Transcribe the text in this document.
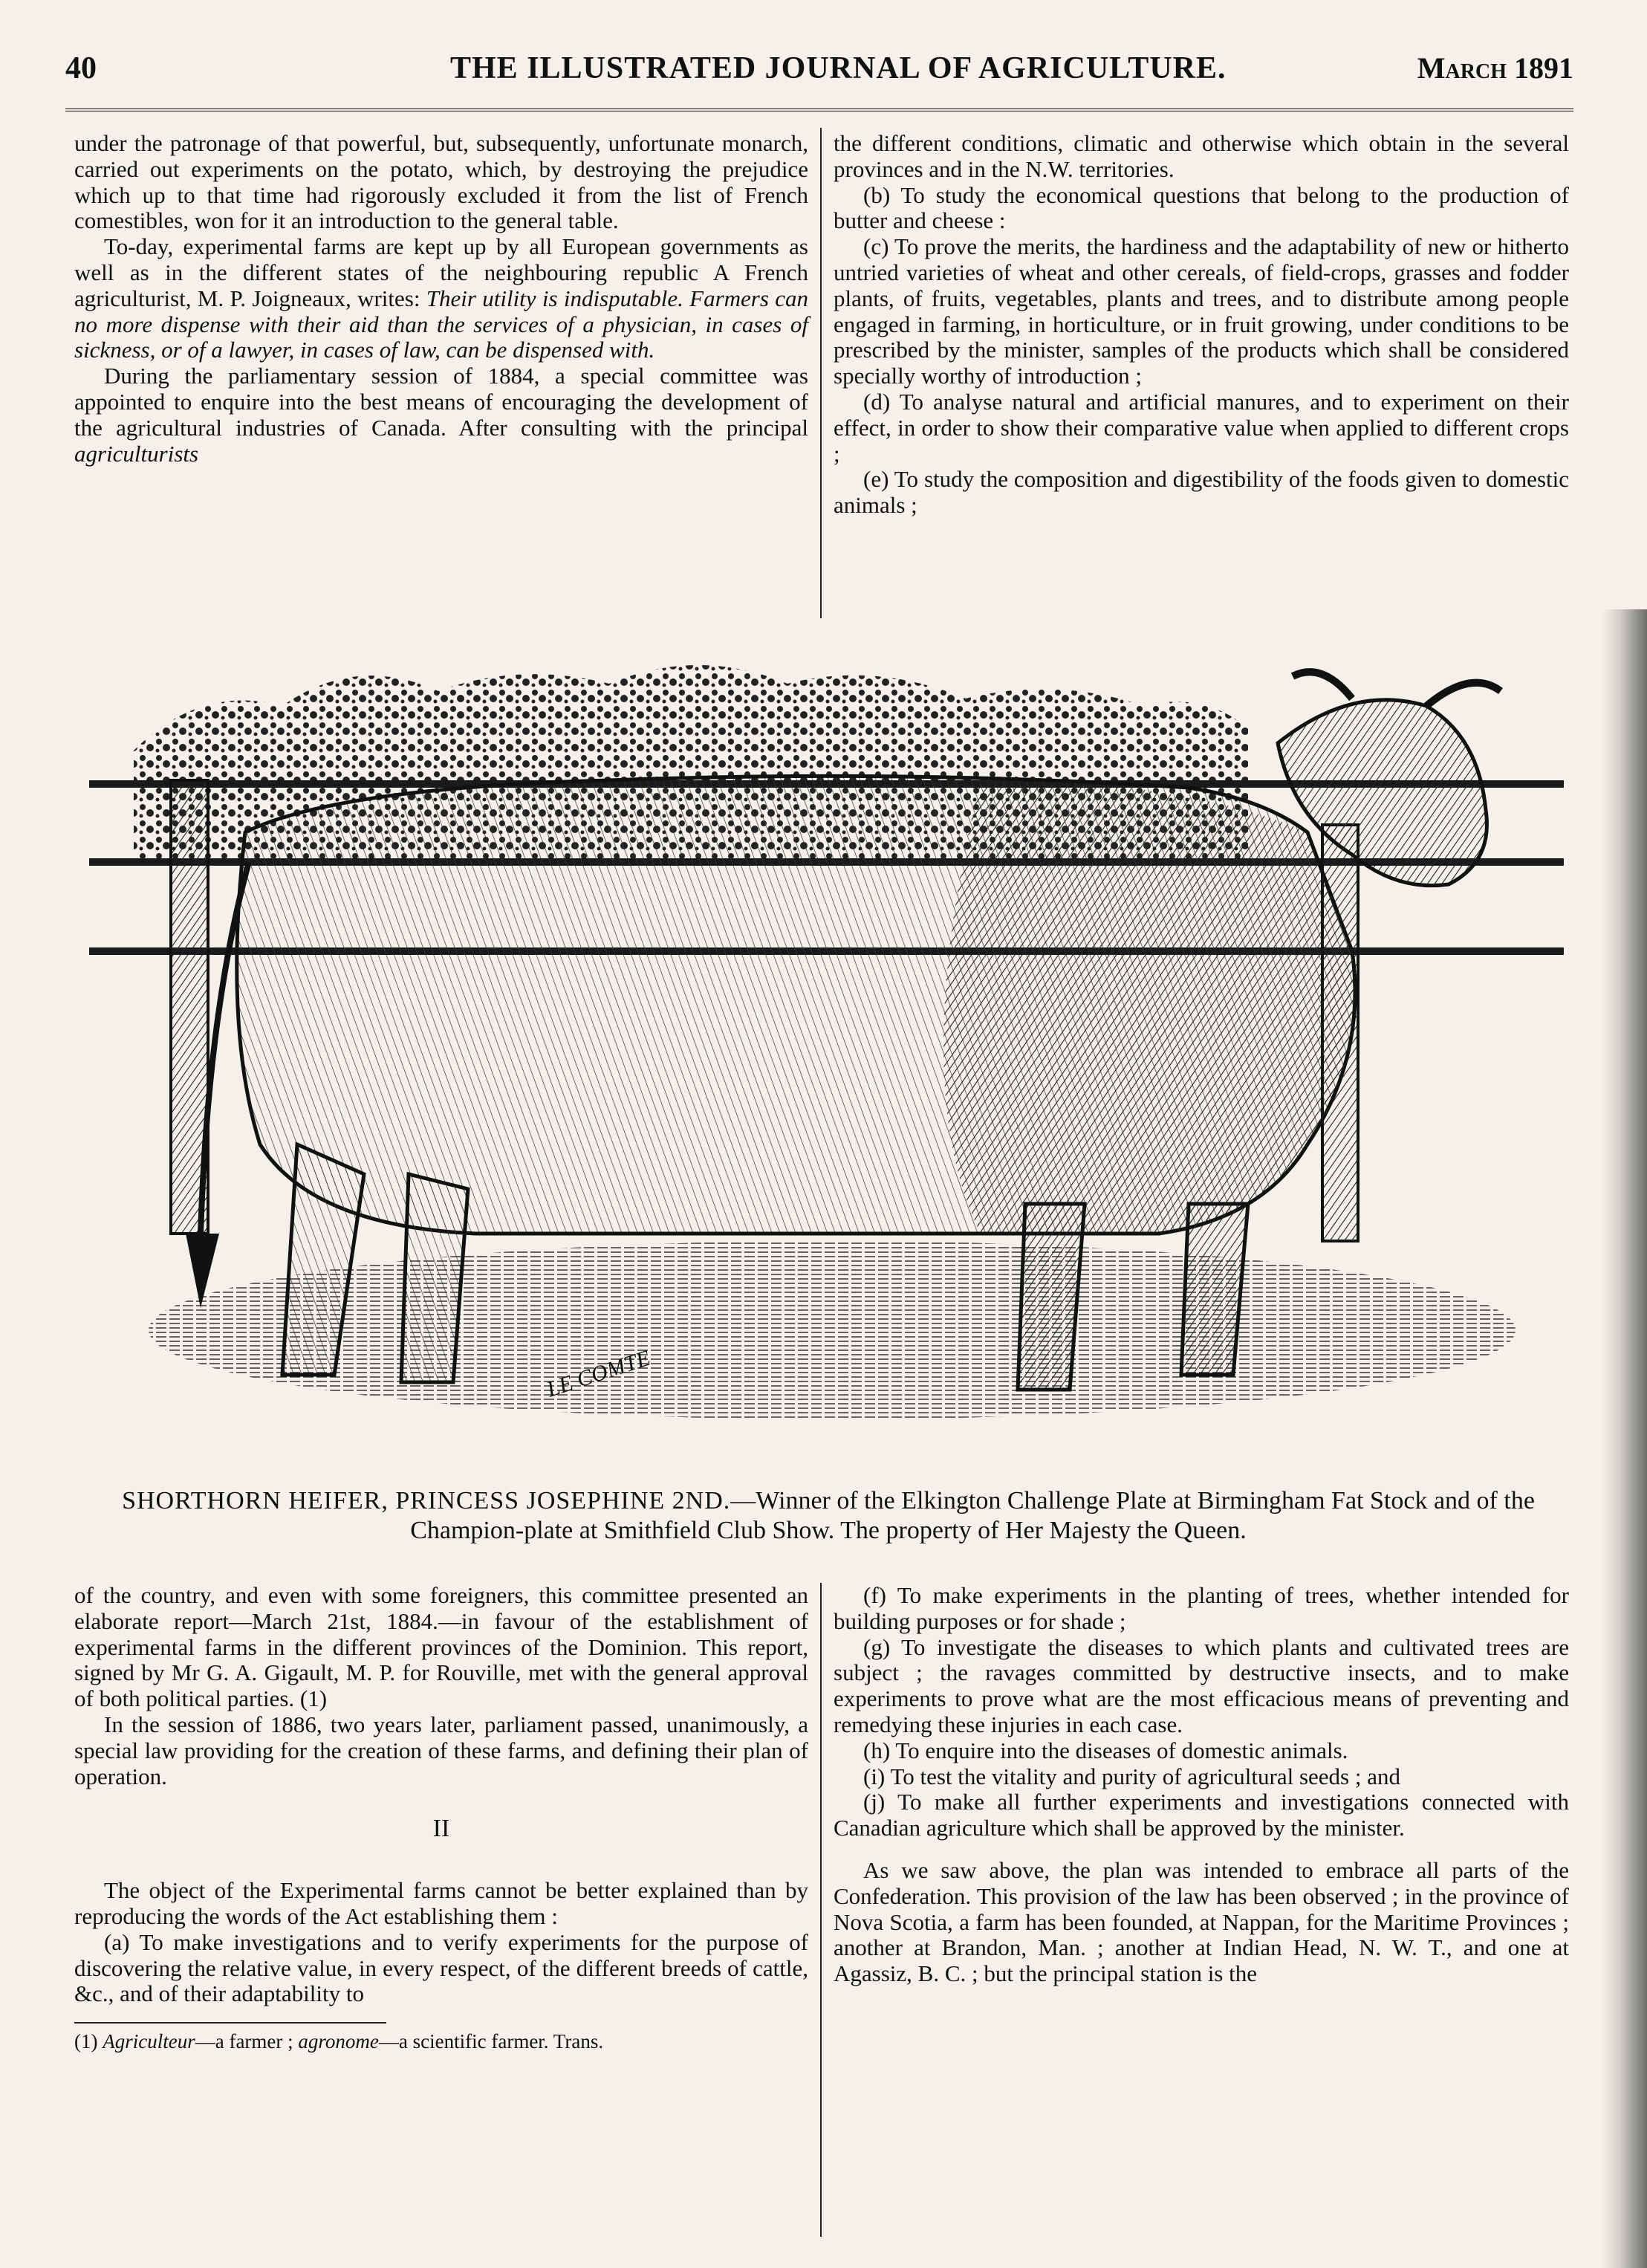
40	THE ILLUSTRATED JOURNAL OF AGRICULTURE.	March 1891

under the patronage of that powerful, but, subsequently, unfortunate monarch, carried out experiments on the potato, which, by destroying the prejudice which up to that time had rigorously excluded it from the list of French comestibles, won for it an introduction to the general table.

To-day, experimental farms are kept up by all European governments as well as in the different states of the neighbouring republic A French agriculturist, M. P. Joigneaux, writes: Their utility is indisputable. Farmers can no more dispense with their aid than the services of a physician, in cases of sickness, or of a lawyer, in cases of law, can be dispensed with.

During the parliamentary session of 1884, a special committee was appointed to enquire into the best means of encouraging the development of the agricultural industries of Canada. After consulting with the principal agriculturists

the different conditions, climatic and otherwise which obtain in the several provinces and in the N.W. territories.

(b) To study the economical questions that belong to the production of butter and cheese :

(c) To prove the merits, the hardiness and the adaptability of new or hitherto untried varieties of wheat and other cereals, of field-crops, grasses and fodder plants, of fruits, vegetables, plants and trees, and to distribute among people engaged in farming, in horticulture, or in fruit growing, under conditions to be prescribed by the minister, samples of the products which shall be considered specially worthy of introduction ;

(d) To analyse natural and artificial manures, and to experiment on their effect, in order to show their comparative value when applied to different crops ;

(e) To study the composition and digestibility of the foods given to domestic animals ;

LE COMTE
SHORTHORN HEIFER, PRINCESS JOSEPHINE 2ND.—Winner of the Elkington Challenge Plate at Birmingham Fat Stock and of the Champion-plate at Smithfield Club Show. The property of Her Majesty the Queen.

of the country, and even with some foreigners, this committee presented an elaborate report—March 21st, 1884.—in favour of the establishment of experimental farms in the different provinces of the Dominion. This report, signed by Mr G. A. Gigault, M. P. for Rouville, met with the general approval of both political parties. (1)

In the session of 1886, two years later, parliament passed, unanimously, a special law providing for the creation of these farms, and defining their plan of operation.

II

The object of the Experimental farms cannot be better explained than by reproducing the words of the Act establishing them :

(a) To make investigations and to verify experiments for the purpose of discovering the relative value, in every respect, of the different breeds of cattle, &c., and of their adaptability to

(1) Agriculteur—a farmer ; agronome—a scientific farmer. Trans.

(f) To make experiments in the planting of trees, whether intended for building purposes or for shade ;

(g) To investigate the diseases to which plants and cultivated trees are subject ; the ravages committed by destructive insects, and to make experiments to prove what are the most efficacious means of preventing and remedying these injuries in each case.

(h) To enquire into the diseases of domestic animals.

(i) To test the vitality and purity of agricultural seeds ; and

(j) To make all further experiments and investigations connected with Canadian agriculture which shall be approved by the minister.

As we saw above, the plan was intended to embrace all parts of the Confederation. This provision of the law has been observed ; in the province of Nova Scotia, a farm has been founded, at Nappan, for the Maritime Provinces ; another at Brandon, Man. ; another at Indian Head, N. W. T., and one at Agassiz, B. C. ; but the principal station is the
